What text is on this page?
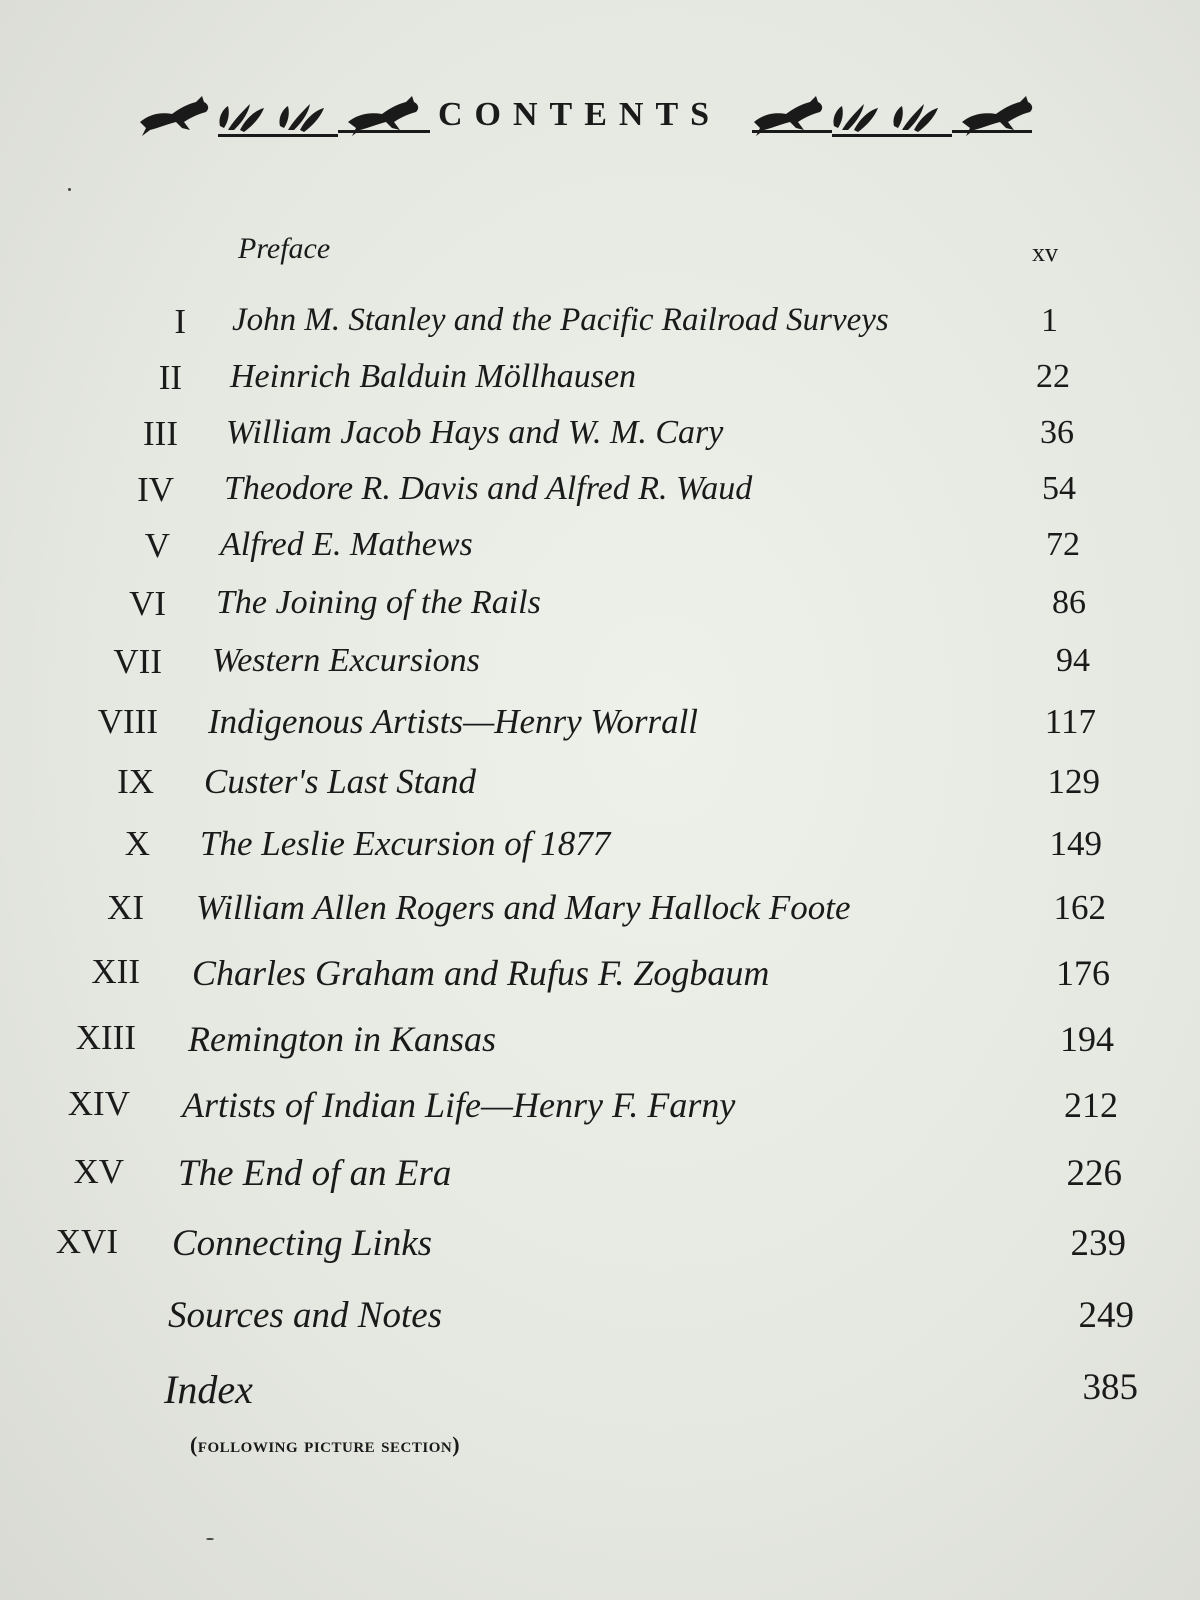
CONTENTS
Preface	xv
I John M. Stanley and the Pacific Railroad Surveys	1
II Heinrich Balduin Möllhausen	22
III William Jacob Hays and W. M. Cary	36
IV Theodore R. Davis and Alfred R. Waud	54
V Alfred E. Mathews	72
VI The Joining of the Rails	86
VII Western Excursions	94
VIII Indigenous Artists—Henry Worrall	117
IX Custer's Last Stand	129
X The Leslie Excursion of 1877	149
XI William Allen Rogers and Mary Hallock Foote	162
XII Charles Graham and Rufus F. Zogbaum	176
XIII Remington in Kansas	194
XIV Artists of Indian Life—Henry F. Farny	212
XV The End of an Era	226
XVI Connecting Links	239
Sources and Notes	249
Index	385
(following picture section)
